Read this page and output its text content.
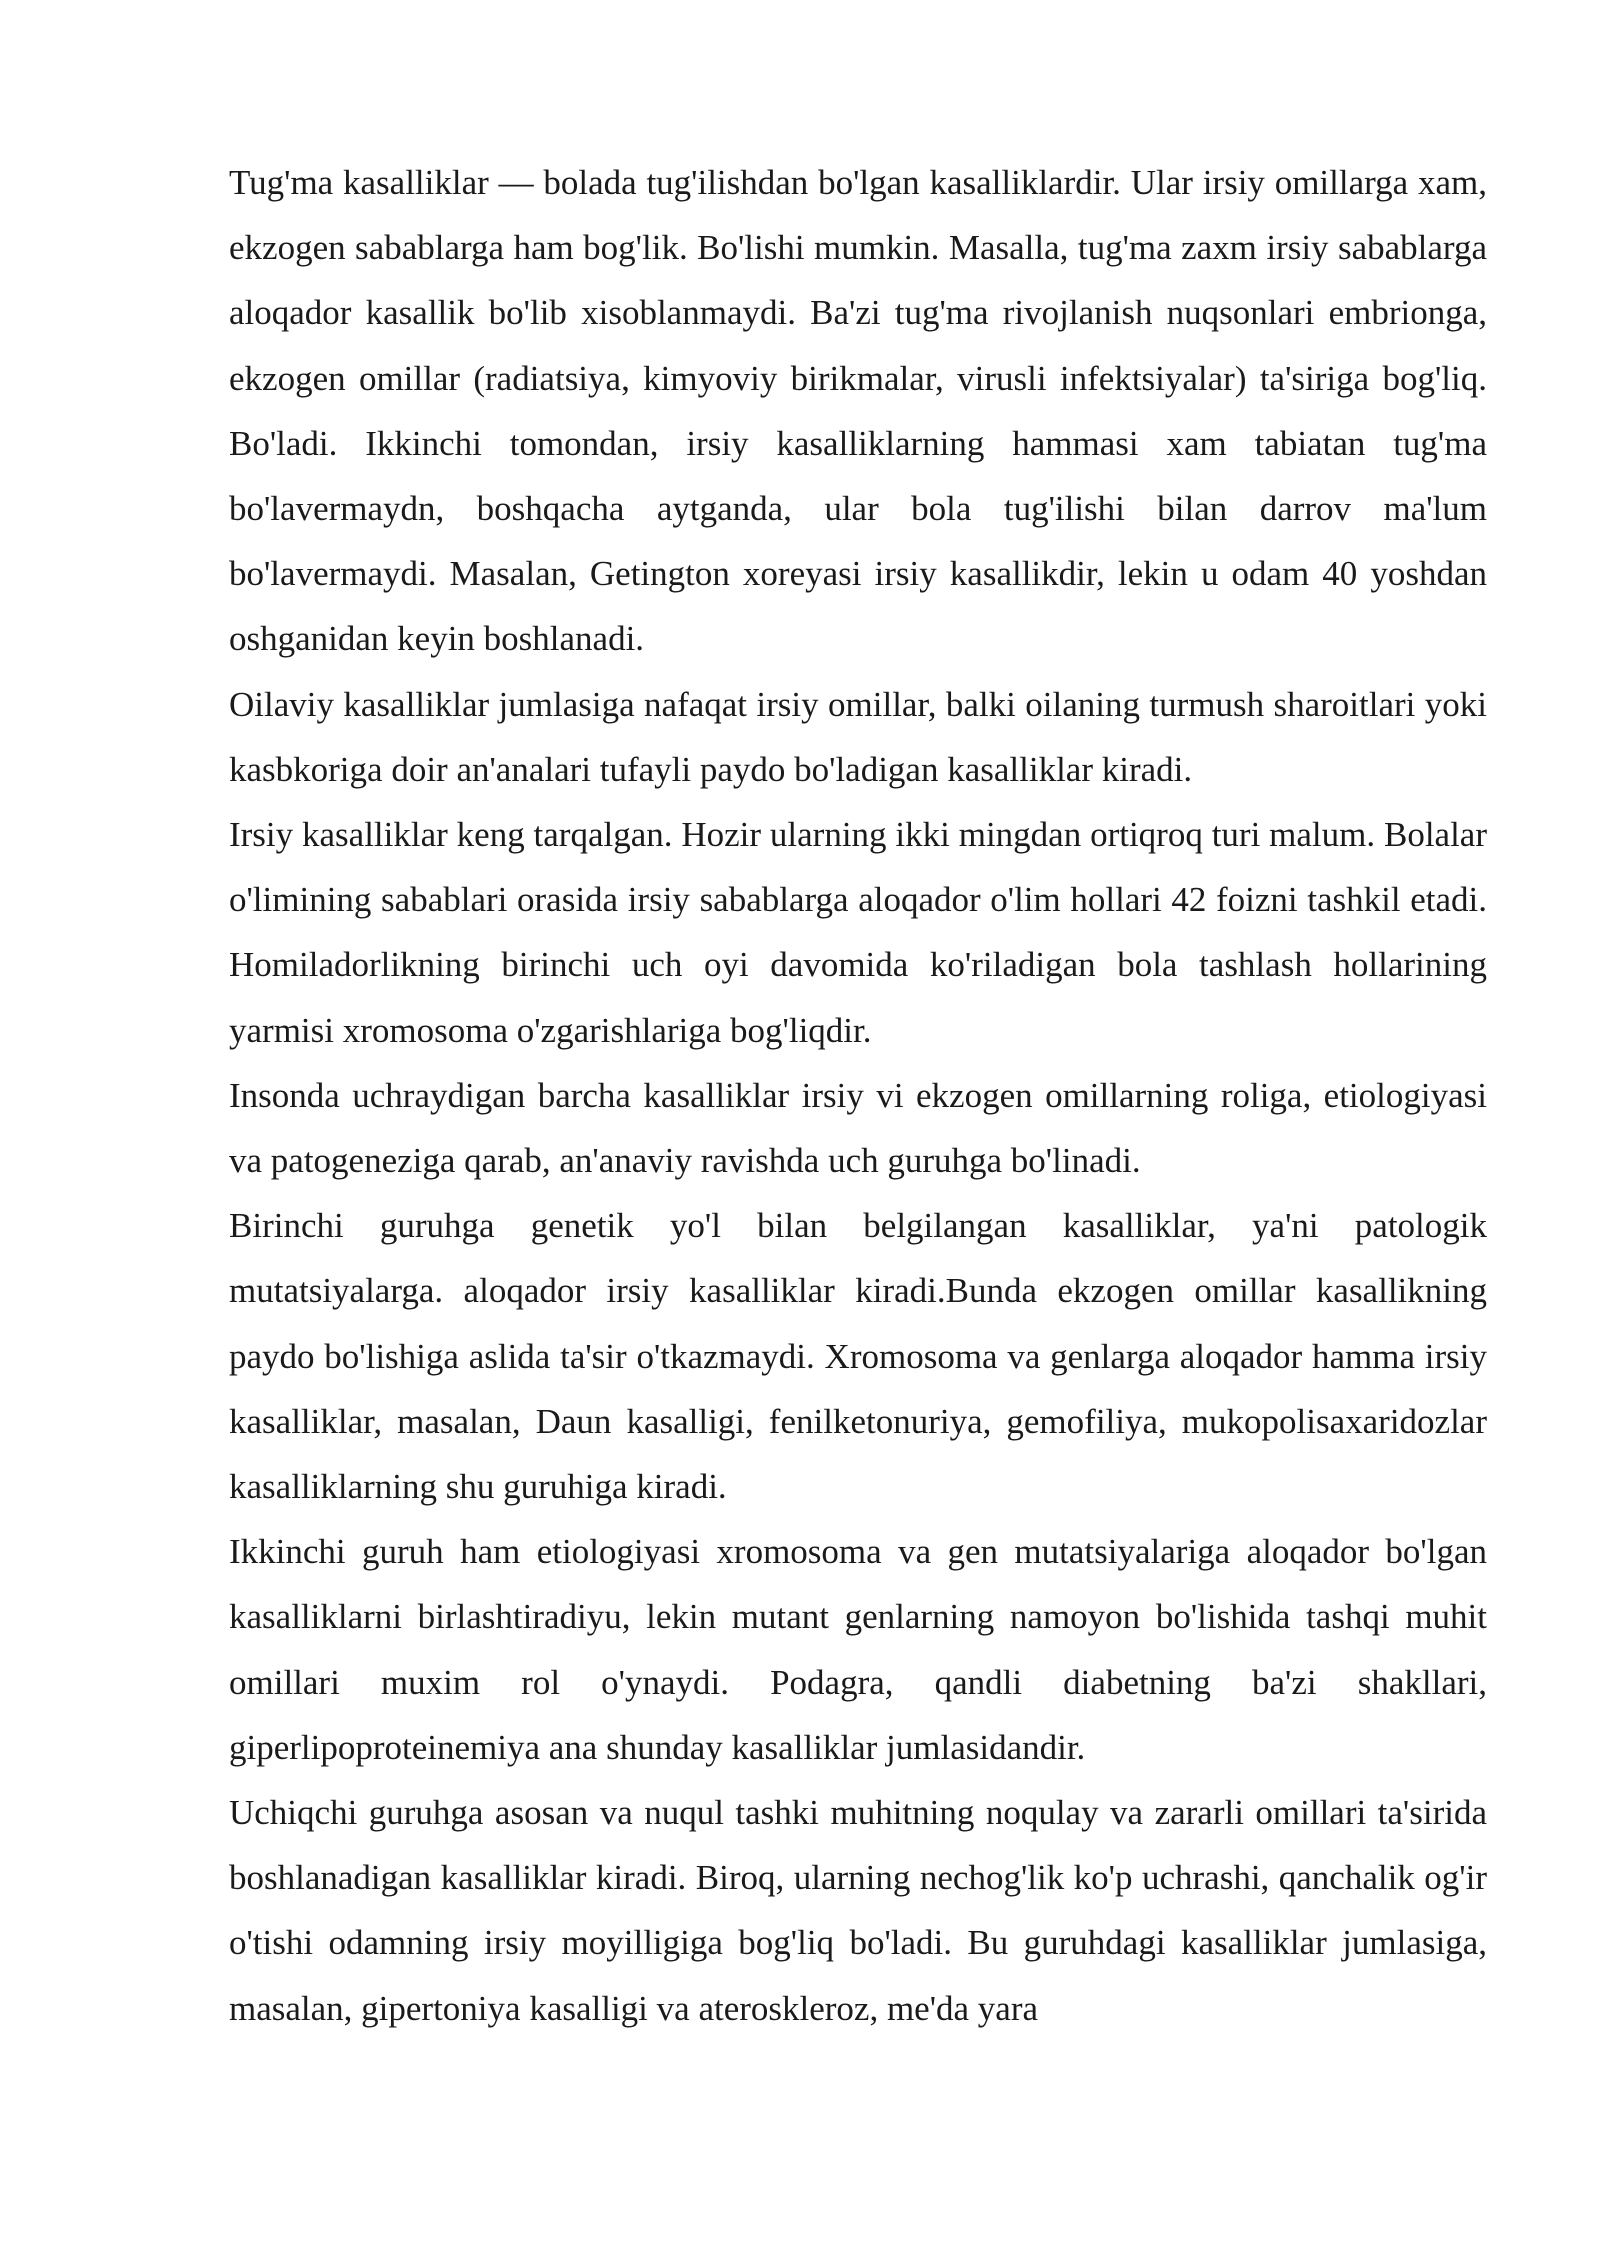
Tug'ma kasalliklar — bolada tug'ilishdan bo'lgan kasalliklardir. Ular irsiy omillarga xam, ekzogen sabablarga ham bog'lik. Bo'lishi mumkin. Masalla, tug'ma zaxm irsiy sabablarga aloqador kasallik bo'lib xisoblanmaydi. Ba'zi tug'ma rivojlanish nuqsonlari embrionga, ekzogen omillar (radiatsiya, kimyoviy birikmalar, virusli infektsiyalar) ta'siriga bog'liq. Bo'ladi. Ikkinchi tomondan, irsiy kasalliklarning hammasi xam tabiatan tug'ma bo'lavermaydn, boshqacha aytganda, ular bola tug'ilishi bilan darrov ma'lum bo'lavermaydi. Masalan, Getington xoreyasi irsiy kasallikdir, lekin u odam 40 yoshdan oshganidan keyin boshlanadi.

Oilaviy kasalliklar jumlasiga nafaqat irsiy omillar, balki oilaning turmush sharoitlari yoki kasbkoriga doir an'analari tufayli paydo bo'ladigan kasalliklar kiradi.

Irsiy kasalliklar keng tarqalgan. Hozir ularning ikki mingdan ortiqroq turi malum. Bolalar o'limining sabablari orasida irsiy sabablarga aloqador o'lim hollari 42 foizni tashkil etadi. Homiladorlikning birinchi uch oyi davomida ko'riladigan bola tashlash hollarining yarmisi xromosoma o'zgarishlariga bog'liqdir.

Insonda uchraydigan barcha kasalliklar irsiy vi ekzogen omillarning roliga, etiologiyasi va patogeneziga qarab, an'anaviy ravishda uch guruhga bo'linadi.

Birinchi guruhga genetik yo'l bilan belgilangan kasalliklar, ya'ni patologik mutatsiyalarga. aloqador irsiy kasalliklar kiradi.Bunda ekzogen omillar kasallikning paydo bo'lishiga aslida ta'sir o'tkazmaydi. Xromosoma va genlarga aloqador hamma irsiy kasalliklar, masalan, Daun kasalligi, fenilketonuriya, gemofiliya, mukopolisaxaridozlar kasalliklarning shu guruhiga kiradi.

Ikkinchi guruh ham etiologiyasi xromosoma va gen mutatsiyalariga aloqador bo'lgan kasalliklarni birlashtiradiyu, lekin mutant genlarning namoyon bo'lishida tashqi muhit omillari muxim rol o'ynaydi. Podagra, qandli diabetning ba'zi shakllari, giperlipoproteinemiya ana shunday kasalliklar jumlasidandir.

Uchiqchi guruhga asosan va nuqul tashki muhitning noqulay va zararli omillari ta'sirida boshlanadigan kasalliklar kiradi. Biroq, ularning nechog'lik ko'p uchrashi, qanchalik og'ir o'tishi odamning irsiy moyilligiga bog'liq bo'ladi. Bu guruhdagi kasalliklar jumlasiga, masalan, gipertoniya kasalligi va ateroskleroz, me'da yara
